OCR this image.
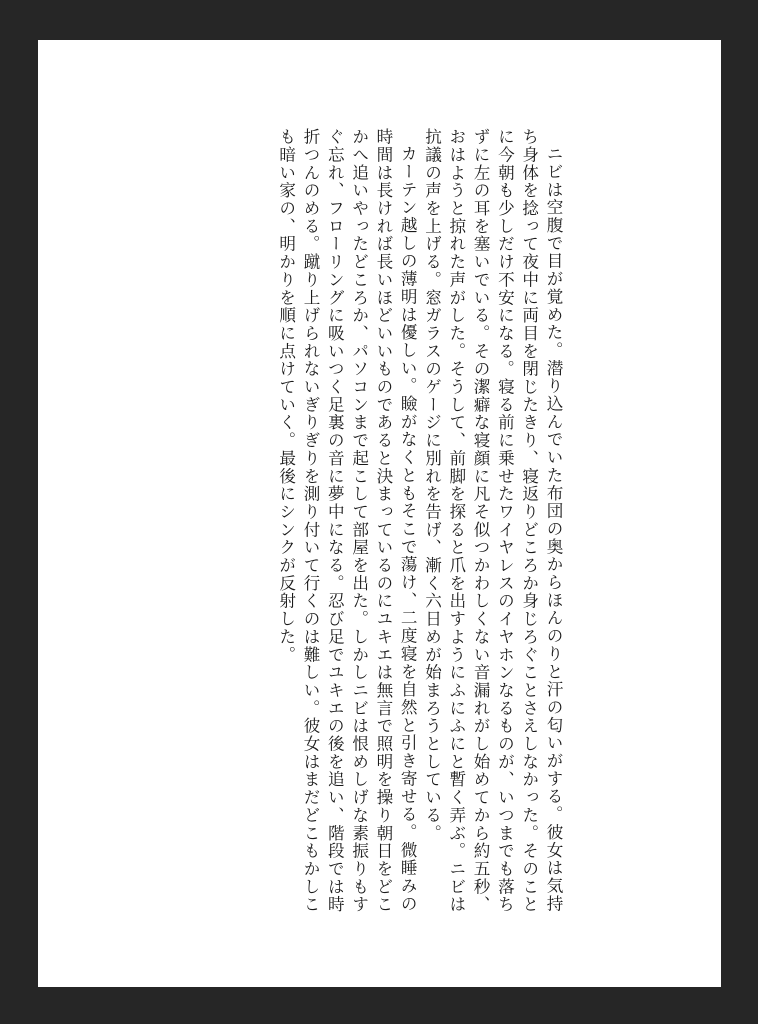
ニビは空腹で目が覚めた。潜り込んでいた布団の奥からほんのりと汗の匂いがする。彼女は気持ち身体を捻って夜中に両目を閉じたきり、寝返りどころか身じろぐことさえしなかった。そのことに今朝も少しだけ不安になる。寝る前に乗せたワイヤレスのイヤホンなるものが、いつまでも落ちずに左の耳を塞いでいる。その潔癖な寝顔に凡そ似つかわしくない音漏れがし始めてから約五秒、おはようと掠れた声がした。そうして、前脚を探ると爪を出すようにふにふにと暫く弄ぶ。ニビは抗議の声を上げる。窓ガラスのゲージに別れを告げ、漸く六日めが始まろうとしている。

カーテン越しの薄明は優しい。瞼がなくともそこで蕩け、二度寝を自然と引き寄せる。微睡みの時間は長ければ長いほどいいものであると決まっているのにユキエは無言で照明を操り朝日をどこかへ追いやったどころか、パソコンまで起こして部屋を出た。しかしニビは恨めしげな素振りもすぐ忘れ、フローリングに吸いつく足裏の音に夢中になる。忍び足でユキエの後を追い、階段では時折つんのめる。蹴り上げられないぎりぎりを測り付いて行くのは難しい。彼女はまだどこもかしこも暗い家の、明かりを順に点けていく。最後にシンクが反射した。
